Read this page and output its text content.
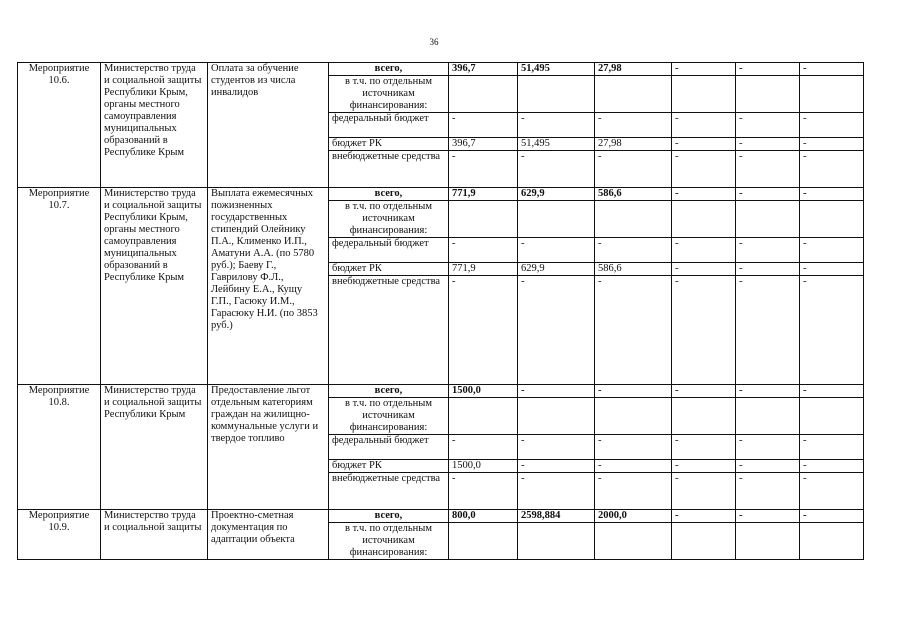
36
Мероприятие 10.6.	Министерство труда и социальной защиты Республики Крым, органы местного самоуправления муниципальных образований в Республике Крым	Оплата за обучение студентов из числа инвалидов	всего,	396,7	51,495	27,98	-	-	-
			в т.ч. по отдельным источникам финансирования:						
			федеральный бюджет	-	-	-	-	-	-
			бюджет РК	396,7	51,495	27,98	-	-	-
			внебюджетные средства	-	-	-	-	-	-
Мероприятие 10.7.	Министерство труда и социальной защиты Республики Крым, органы местного самоуправления муниципальных образований в Республике Крым	Выплата ежемесячных пожизненных государственных стипендий Олейнику П.А., Клименко И.П., Аматуни А.А. (по 5780 руб.); Баеву Г., Гаврилову Ф.Л., Лейбину Е.А., Кущу Г.П., Гасюку И.М., Гарасюку Н.И. (по 3853 руб.)	всего,	771,9	629,9	586,6	-	-	-
			в т.ч. по отдельным источникам финансирования:						
			федеральный бюджет	-	-	-	-	-	-
			бюджет РК	771,9	629,9	586,6	-	-	-
			внебюджетные средства	-	-	-	-	-	-
Мероприятие 10.8.	Министерство труда и социальной защиты Республики Крым	Предоставление льгот отдельным категориям граждан на жилищно-коммунальные услуги и твердое топливо	всего,	1500,0	-	-	-	-	-
			в т.ч. по отдельным источникам финансирования:						
			федеральный бюджет	-	-	-	-	-	-
			бюджет РК	1500,0	-	-	-	-	-
			внебюджетные средства	-	-	-	-	-	-
Мероприятие 10.9.	Министерство труда и социальной защиты	Проектно-сметная документация по адаптации объекта	всего,	800,0	2598,884	2000,0	-	-	-
			в т.ч. по отдельным источникам финансирования:						
